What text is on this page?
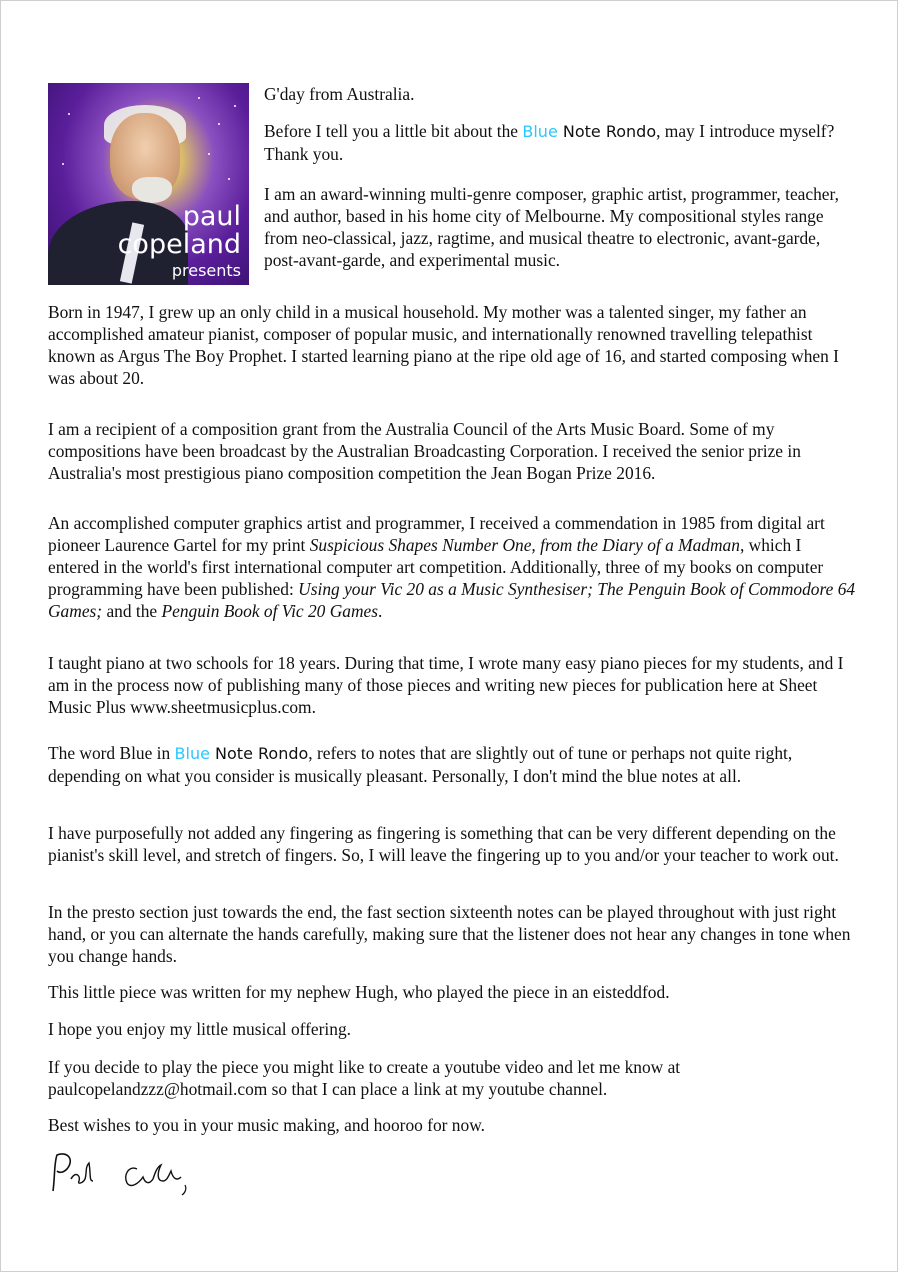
paul
copeland
presents

G'day from Australia.

Before I tell you a little bit about the Blue Note Rondo, may I introduce myself? Thank you.

I am an award-winning multi-genre composer, graphic artist, programmer, teacher, and author, based in his home city of Melbourne. My compositional styles range from neo-classical, jazz, ragtime, and musical theatre to electronic, avant-garde, post-avant-garde, and experimental music.

Born in 1947, I grew up an only child in a musical household. My mother was a talented singer, my father an accomplished amateur pianist, composer of popular music, and internationally renowned travelling telepathist known as Argus The Boy Prophet. I started learning piano at the ripe old age of 16, and started composing when I was about 20.

I am a recipient of a composition grant from the Australia Council of the Arts Music Board. Some of my compositions have been broadcast by the Australian Broadcasting Corporation. I received the senior prize in Australia's most prestigious piano composition competition the Jean Bogan Prize 2016.

An accomplished computer graphics artist and programmer, I received a commendation in 1985 from digital art pioneer Laurence Gartel for my print Suspicious Shapes Number One, from the Diary of a Madman, which I entered in the world's first international computer art competition. Additionally, three of my books on computer programming have been published: Using your Vic 20 as a Music Synthesiser; The Penguin Book of Commodore 64 Games; and the Penguin Book of Vic 20 Games.

I taught piano at two schools for 18 years. During that time, I wrote many easy piano pieces for my students, and I am in the process now of publishing many of those pieces and writing new pieces for publication here at Sheet Music Plus www.sheetmusicplus.com.

The word Blue in Blue Note Rondo, refers to notes that are slightly out of tune or perhaps not quite right, depending on what you consider is musically pleasant. Personally, I don't mind the blue notes at all.

I have purposefully not added any fingering as fingering is something that can be very different depending on the pianist's skill level, and stretch of fingers. So, I will leave the fingering up to you and/or your teacher to work out.

In the presto section just towards the end, the fast section sixteenth notes can be played throughout with just right hand, or you can alternate the hands carefully, making sure that the listener does not hear any changes in tone when you change hands.

This little piece was written for my nephew Hugh, who played the piece in an eisteddfod.

I hope you enjoy my little musical offering.

If you decide to play the piece you might like to create a youtube video and let me know at paulcopelandzzz@hotmail.com so that I can place a link at my youtube channel.

Best wishes to you in your music making, and hooroo for now.
